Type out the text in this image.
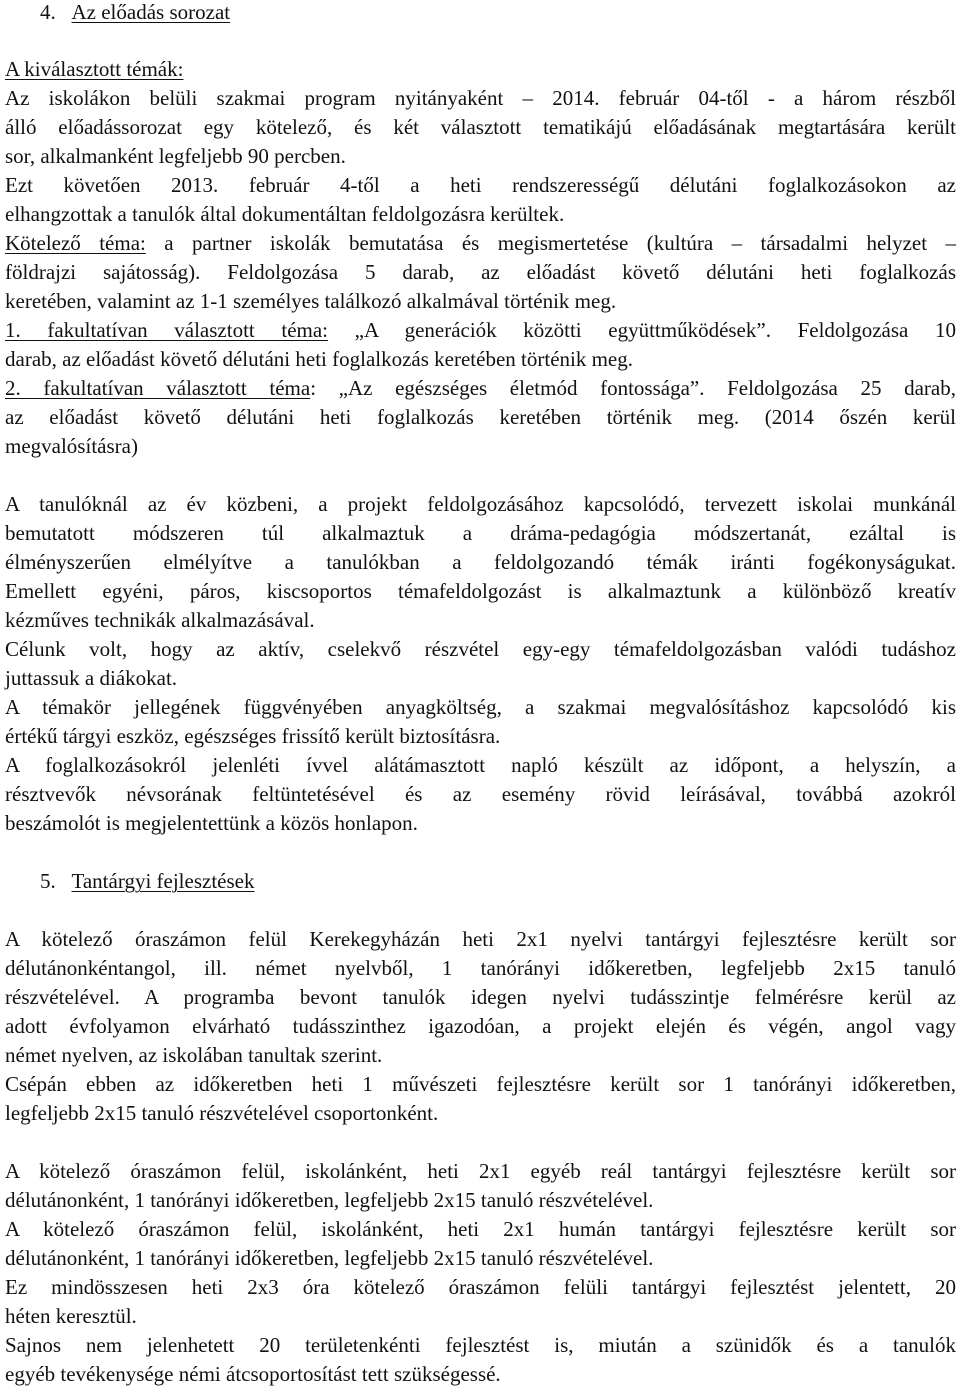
4. Az előadás sorozat
A kiválasztott témák:
Az iskolákon belüli szakmai program nyitányaként – 2014. február 04-től - a három részből
álló előadássorozat egy kötelező, és két választott tematikájú előadásának megtartására került
sor, alkalmanként legfeljebb 90 percben.
Ezt követően 2013. február 4-től a heti rendszerességű délutáni foglalkozásokon az
elhangzottak a tanulók által dokumentáltan feldolgozásra kerültek.
Kötelező téma: a partner iskolák bemutatása és megismertetése (kultúra – társadalmi helyzet –
földrajzi sajátosság). Feldolgozása 5 darab, az előadást követő délutáni heti foglalkozás
keretében, valamint az 1-1 személyes találkozó alkalmával történik meg.
1. fakultatívan választott téma: „A generációk közötti együttműködések”. Feldolgozása 10
darab, az előadást követő délutáni heti foglalkozás keretében történik meg.
2. fakultatívan választott téma: „Az egészséges életmód fontossága”. Feldolgozása 25 darab,
az előadást követő délutáni heti foglalkozás keretében történik meg. (2014 őszén kerül
megvalósításra)
A tanulóknál az év közbeni, a projekt feldolgozásához kapcsolódó, tervezett iskolai munkánál
bemutatott módszeren túl alkalmaztuk a dráma-pedagógia módszertanát, ezáltal is
élményszerűen elmélyítve a tanulókban a feldolgozandó témák iránti fogékonyságukat.
Emellett egyéni, páros, kiscsoportos témafeldolgozást is alkalmaztunk a különböző kreatív
kézműves technikák alkalmazásával.
Célunk volt, hogy az aktív, cselekvő részvétel egy-egy témafeldolgozásban valódi tudáshoz
juttassuk a diákokat.
A témakör jellegének függvényében anyagköltség, a szakmai megvalósításhoz kapcsolódó kis
értékű tárgyi eszköz, egészséges frissítő került biztosításra.
A foglalkozásokról jelenléti ívvel alátámasztott napló készült az időpont, a helyszín, a
résztvevők névsorának feltüntetésével és az esemény rövid leírásával, továbbá azokról
beszámolót is megjelentettünk a közös honlapon.
5. Tantárgyi fejlesztések
A kötelező óraszámon felül Kerekegyházán heti 2x1 nyelvi tantárgyi fejlesztésre került sor
délutánonkéntangol, ill. német nyelvből, 1 tanórányi időkeretben, legfeljebb 2x15 tanuló
részvételével. A programba bevont tanulók idegen nyelvi tudásszintje felmérésre kerül az
adott évfolyamon elvárható tudásszinthez igazodóan, a projekt elején és végén, angol vagy
német nyelven, az iskolában tanultak szerint.
Csépán ebben az időkeretben heti 1 művészeti fejlesztésre került sor 1 tanórányi időkeretben,
legfeljebb 2x15 tanuló részvételével csoportonként.
A kötelező óraszámon felül, iskolánként, heti 2x1 egyéb reál tantárgyi fejlesztésre került sor
délutánonként, 1 tanórányi időkeretben, legfeljebb 2x15 tanuló részvételével.
A kötelező óraszámon felül, iskolánként, heti 2x1 humán tantárgyi fejlesztésre került sor
délutánonként, 1 tanórányi időkeretben, legfeljebb 2x15 tanuló részvételével.
Ez mindösszesen heti 2x3 óra kötelező óraszámon felüli tantárgyi fejlesztést jelentett, 20
héten keresztül.
Sajnos nem jelenhetett 20 területenkénti fejlesztést is, miután a szünidők és a tanulók
egyéb tevékenysége némi átcsoportosítást tett szükségessé.
